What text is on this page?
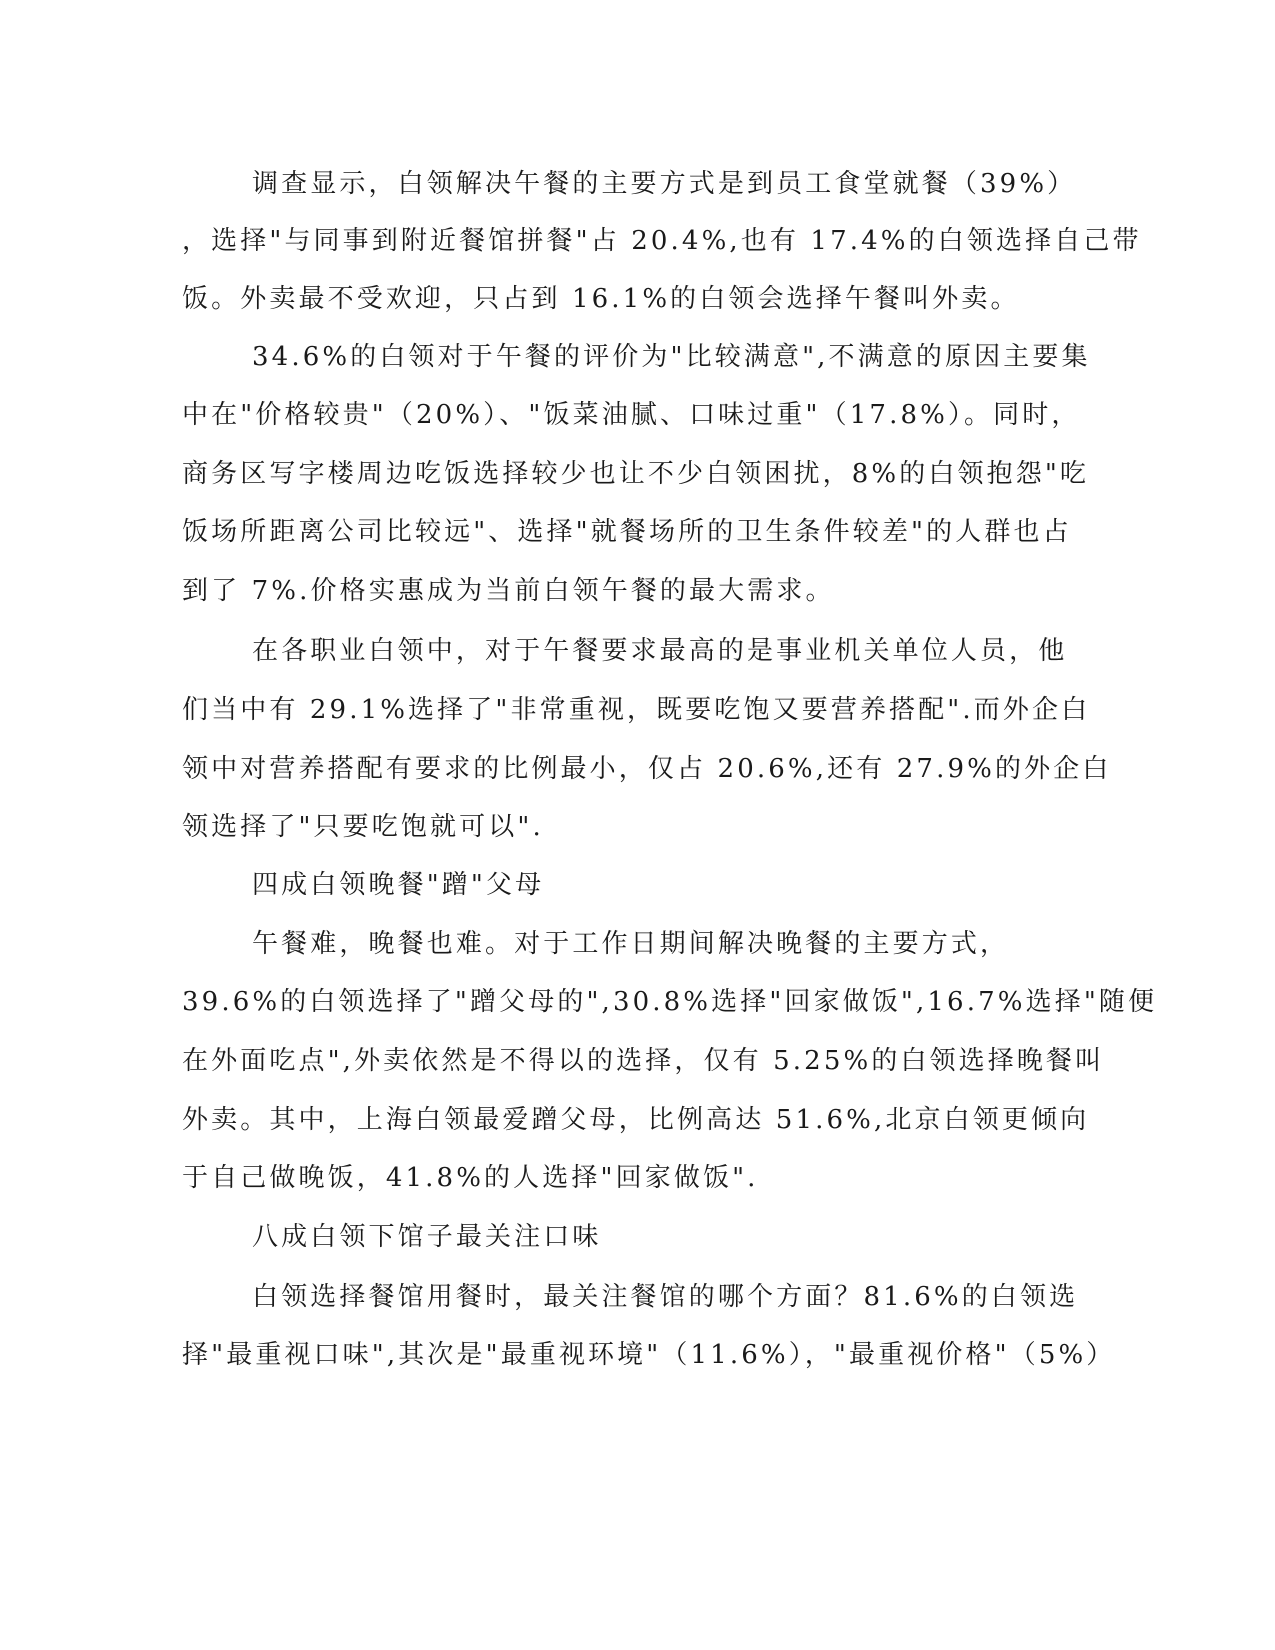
调查显示，白领解决午餐的主要方式是到员工食堂就餐（39%）
，选择"与同事到附近餐馆拼餐"占 20.4%,也有 17.4%的白领选择自己带
饭。外卖最不受欢迎，只占到 16.1%的白领会选择午餐叫外卖。
34.6%的白领对于午餐的评价为"比较满意",不满意的原因主要集
中在"价格较贵"（20%）、"饭菜油腻、口味过重"（17.8%）。同时，
商务区写字楼周边吃饭选择较少也让不少白领困扰，8%的白领抱怨"吃
饭场所距离公司比较远"、选择"就餐场所的卫生条件较差"的人群也占
到了 7%.价格实惠成为当前白领午餐的最大需求。
在各职业白领中，对于午餐要求最高的是事业机关单位人员，他
们当中有 29.1%选择了"非常重视，既要吃饱又要营养搭配".而外企白
领中对营养搭配有要求的比例最小，仅占 20.6%,还有 27.9%的外企白
领选择了"只要吃饱就可以".
四成白领晚餐"蹭"父母
午餐难，晚餐也难。对于工作日期间解决晚餐的主要方式，
39.6%的白领选择了"蹭父母的",30.8%选择"回家做饭",16.7%选择"随便
在外面吃点",外卖依然是不得以的选择，仅有 5.25%的白领选择晚餐叫
外卖。其中，上海白领最爱蹭父母，比例高达 51.6%,北京白领更倾向
于自己做晚饭，41.8%的人选择"回家做饭".
八成白领下馆子最关注口味
白领选择餐馆用餐时，最关注餐馆的哪个方面？81.6%的白领选
择"最重视口味",其次是"最重视环境"（11.6%），"最重视价格"（5%）
